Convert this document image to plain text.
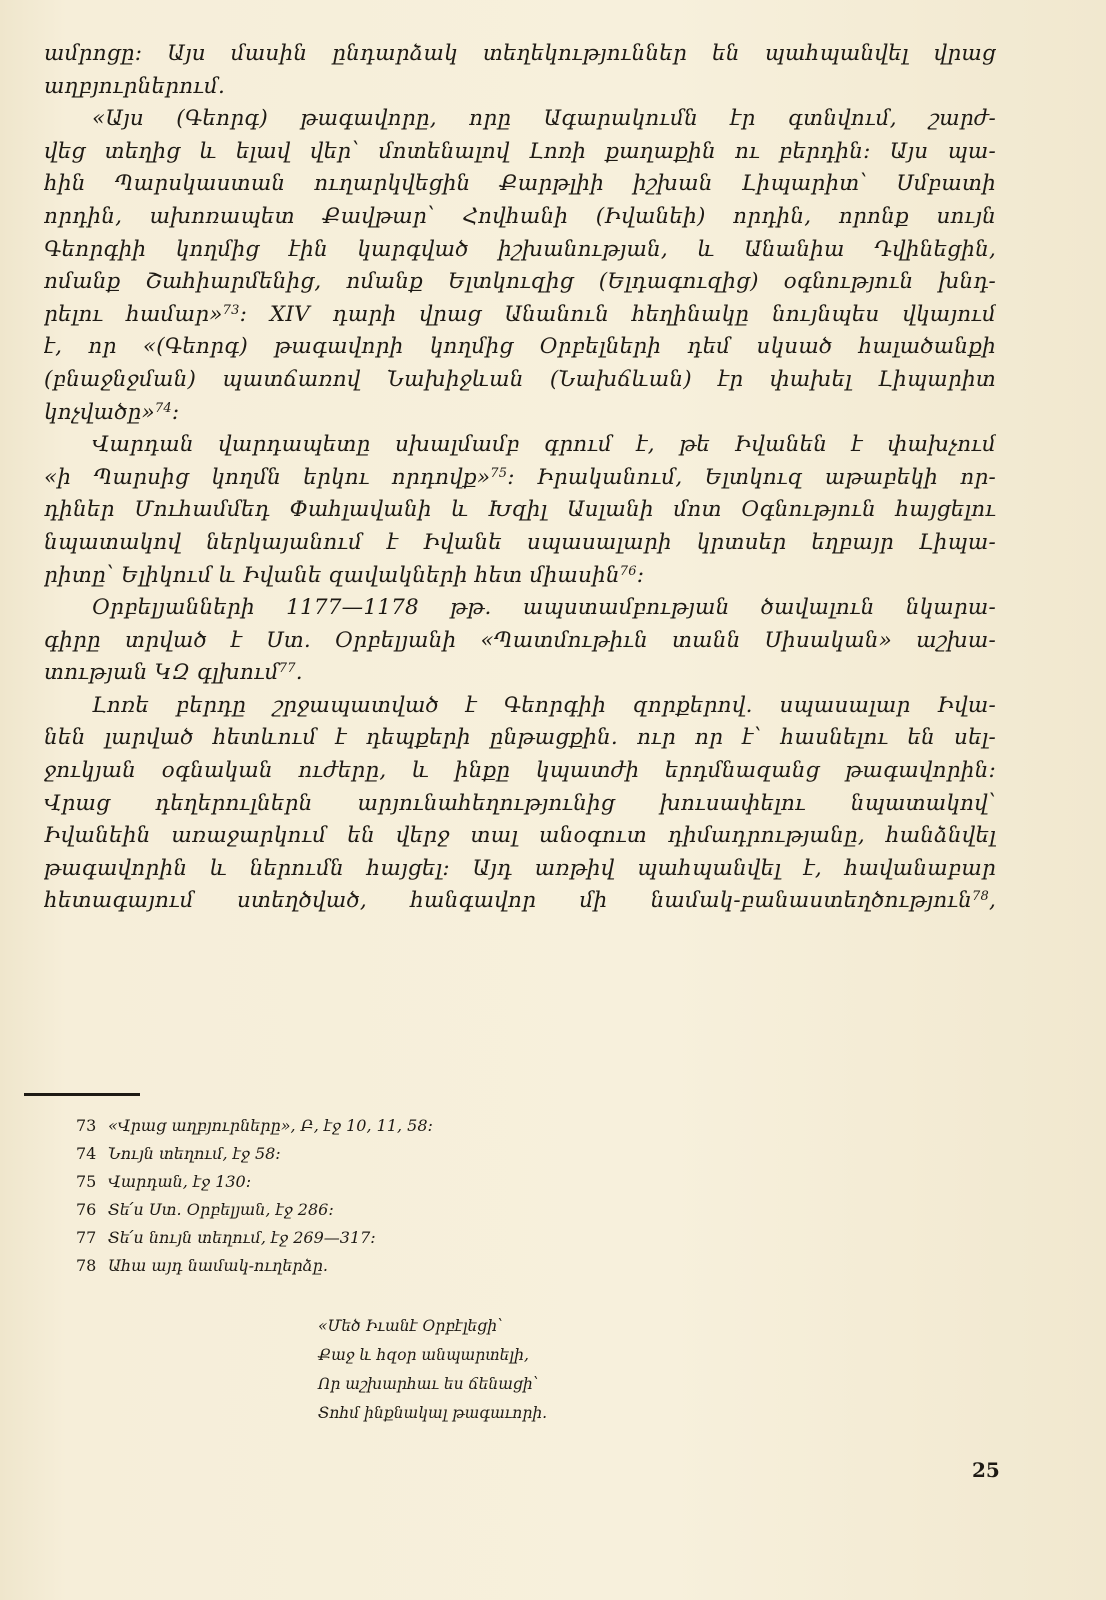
ամրոցը։ Այս մասին ընդարձակ տեղեկություններ են պահպանվել վրաց
աղբյուրներում.
«Այս (Գեորգ) թագավորը, որը Ագարակումն էր գտնվում, շարժ-
վեց տեղից և ելավ վեր՝ մոտենալով Լոռի քաղաքին ու բերդին։ Այս պա-
հին Պարսկաստան ուղարկվեցին Քարթլիի իշխան Լիպարիտ՝ Սմբատի
որդին, ախոռապետ Քավթար՝ Հովհանի (Իվանեի) որդին, որոնք սույն
Գեորգիի կողմից էին կարգված իշխանության, և Անանիա Դվինեցին,
ոմանք Շահիարմենից, ոմանք Ելտկուզից (Ելդագուզից) օգնություն խնդ-
րելու համար»$^{73}$։ XIV դարի վրաց Անանուն հեղինակը նույնպես վկայում
է, որ «(Գեորգ) թագավորի կողմից Օրբելների դեմ սկսած հալածանքի
(բնաջնջման) պատճառով Նախիջևան (Նախճևան) էր փախել Լիպարիտ
կոչվածը»$^{74}$։
Վարդան վարդապետը սխալմամբ գրում է, թե Իվանեն է փախչում
«ի Պարսից կողմն երկու որդովք»$^{75}$։ Իրականում, Ելտկուզ աթաբեկի որ-
դիներ Մուհամմեդ Փահլավանի և Խզիլ Ասլանի մոտ Օգնություն հայցելու
նպատակով ներկայանում է Իվանե սպասալարի կրտսեր եղբայր Լիպա-
րիտը՝ Ելիկում և Իվանե զավակների հետ միասին$^{76}$։
Օրբելյանների 1177—1178 թթ. ապստամբության ծավալուն նկարա-
գիրը տրված է Ստ. Օրբելյանի «Պատմութիւն տանն Սիսական» աշխա-
տության ԿԶ գլխում$^{77}$.
Լոռե բերդը շրջապատված է Գեորգիի զորքերով. սպասալար Իվա-
նեն լարված հետևում է դեպքերի ընթացքին. ուր որ է՝ հասնելու են սել-
ջուկյան օգնական ուժերը, և ինքը կպատժի երդմնազանց թագավորին։
Վրաց դեղերուլներն արյունահեղությունից խուսափելու նպատակով՝
Իվանեին առաջարկում են վերջ տալ անօգուտ դիմադրությանը, հանձնվել
թագավորին և ներումն հայցել։ Այդ առթիվ պահպանվել է, հավանաբար
հետագայում ստեղծված, հանգավոր մի նամակ-բանաստեղծություն$^{78}$,
73 «Վրաց աղբյուրները», Բ, էջ 10, 11, 58։
74 Նույն տեղում, էջ 58։
75 Վարդան, էջ 130։
76 Տե՛ս Ստ. Օրբելյան, էջ 286։
77 Տե՛ս նույն տեղում, էջ 269—317։
78 Ահա այդ նամակ-ուղերձը.
«Մեծ Իւանէ Օրբէլեցի՝
Քաջ և հզօր անպարտելի,
Որ աշխարհաւ ես ճենացի՝
Տոհմ ինքնակալ թագաւորի.
25
